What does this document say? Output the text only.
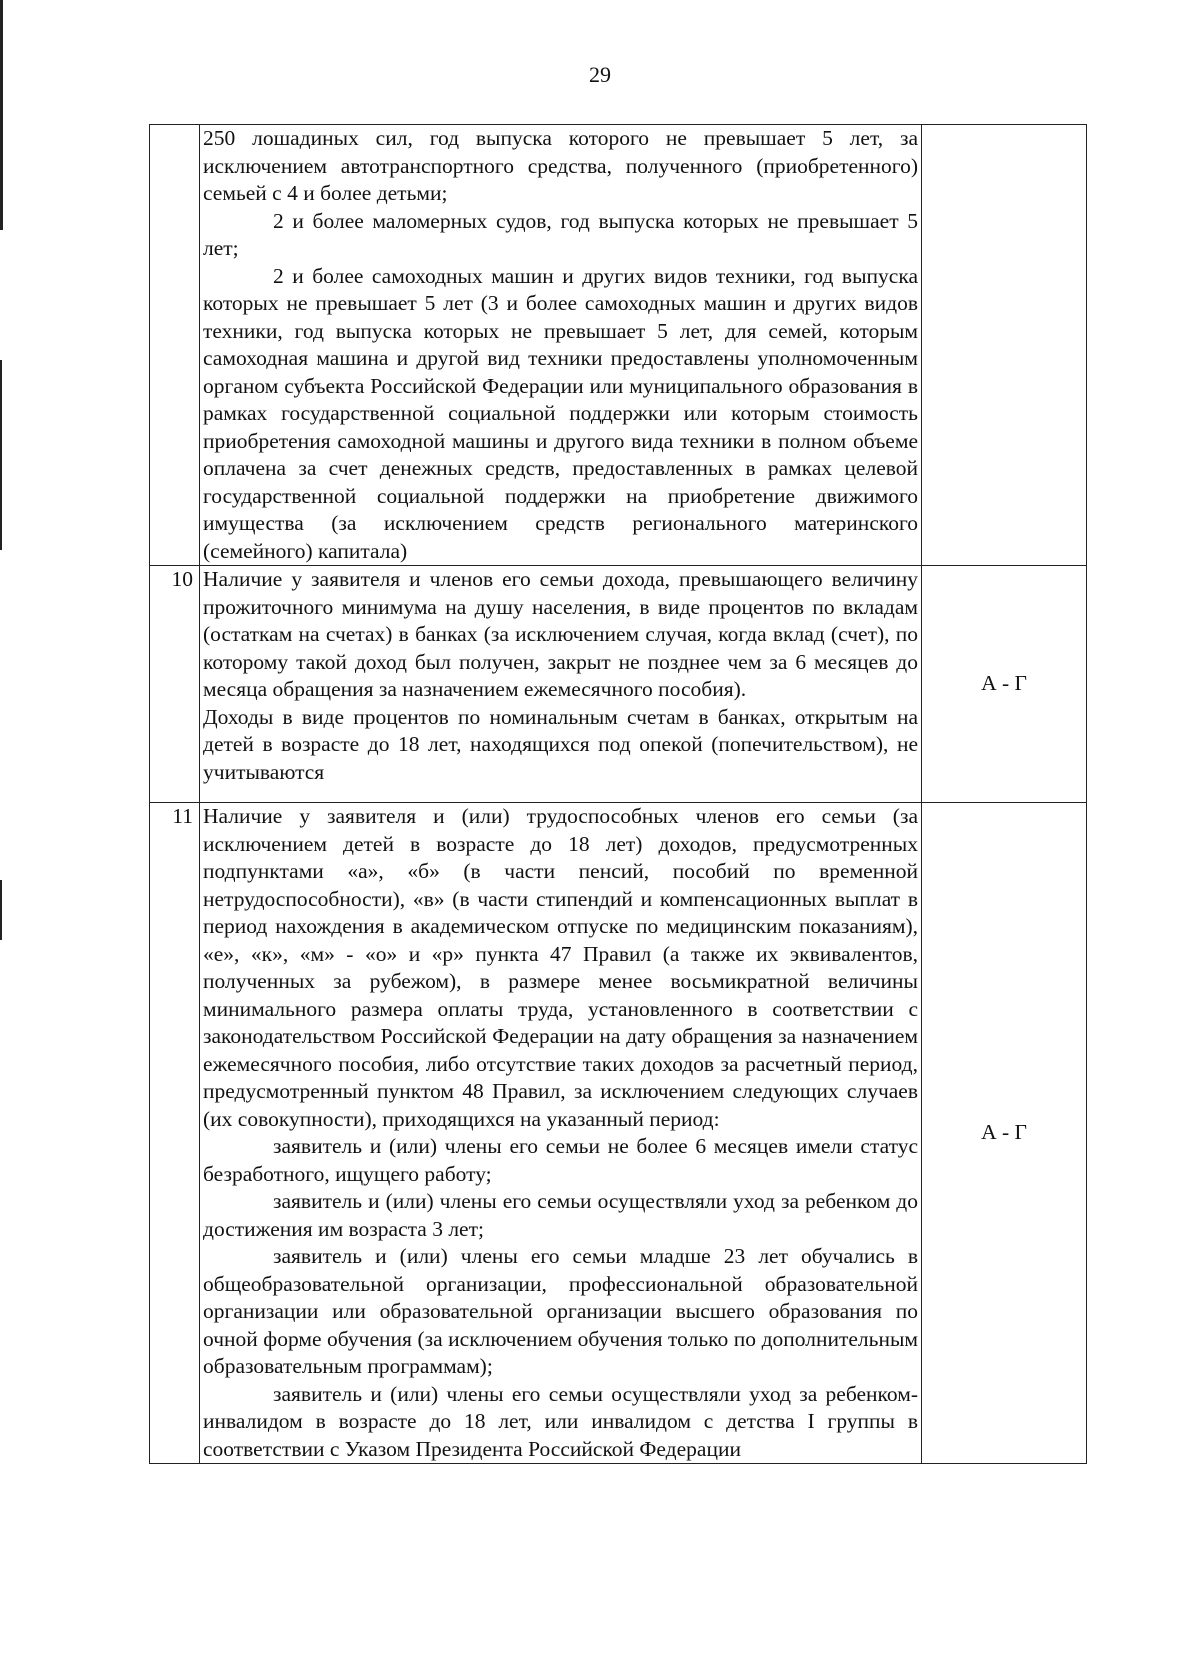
29

	250 лошадиных сил, год выпуска которого не превышает 5 лет, за исключением автотранспортного средства, полученного (приобретенного) семьей с 4 и более детьми;

2 и более маломерных судов, год выпуска которых не превышает 5 лет;

2 и более самоходных машин и других видов техники, год выпуска которых не превышает 5 лет (3 и более самоходных машин и других видов техники, год выпуска которых не превышает 5 лет, для семей, которым самоходная машина и другой вид техники предоставлены уполномоченным органом субъекта Российской Федерации или муниципального образования в рамках государственной социальной поддержки или которым стоимость приобретения самоходной машины и другого вида техники в полном объеме оплачена за счет денежных средств, предоставленных в рамках целевой государственной социальной поддержки на приобретение движимого имущества (за исключением средств регионального материнского (семейного) капитала)	

10	Наличие у заявителя и членов его семьи дохода, превышающего величину прожиточного минимума на душу населения, в виде процентов по вкладам (остаткам на счетах) в банках (за исключением случая, когда вклад (счет), по которому такой доход был получен, закрыт не позднее чем за 6 месяцев до месяца обращения за назначением ежемесячного пособия).

Доходы в виде процентов по номинальным счетам в банках, открытым на детей в возрасте до 18 лет, находящихся под опекой (попечительством), не учитываются	А - Г
11	Наличие у заявителя и (или) трудоспособных членов его семьи (за исключением детей в возрасте до 18 лет) доходов, предусмотренных подпунктами «а», «б» (в части пенсий, пособий по временной нетрудоспособности), «в» (в части стипендий и компенсационных выплат в период нахождения в академическом отпуске по медицинским показаниям), «е», «к», «м» - «о» и «р» пункта 47 Правил (а также их эквивалентов, полученных за рубежом), в размере менее восьмикратной величины минимального размера оплаты труда, установленного в соответствии с законодательством Российской Федерации на дату обращения за назначением ежемесячного пособия, либо отсутствие таких доходов за расчетный период, предусмотренный пунктом 48 Правил, за исключением следующих случаев (их совокупности), приходящихся на указанный период:

заявитель и (или) члены его семьи не более 6 месяцев имели статус безработного, ищущего работу;

заявитель и (или) члены его семьи осуществляли уход за ребенком до достижения им возраста 3 лет;

заявитель и (или) члены его семьи младше 23 лет обучались в общеобразовательной организации, профессиональной образовательной организации или образовательной организации высшего образования по очной форме обучения (за исключением обучения только по дополнительным образовательным программам);

заявитель и (или) члены его семьи осуществляли уход за ребенком-инвалидом в возрасте до 18 лет, или инвалидом с детства I группы в соответствии с Указом Президента Российской Федерации	А - Г
